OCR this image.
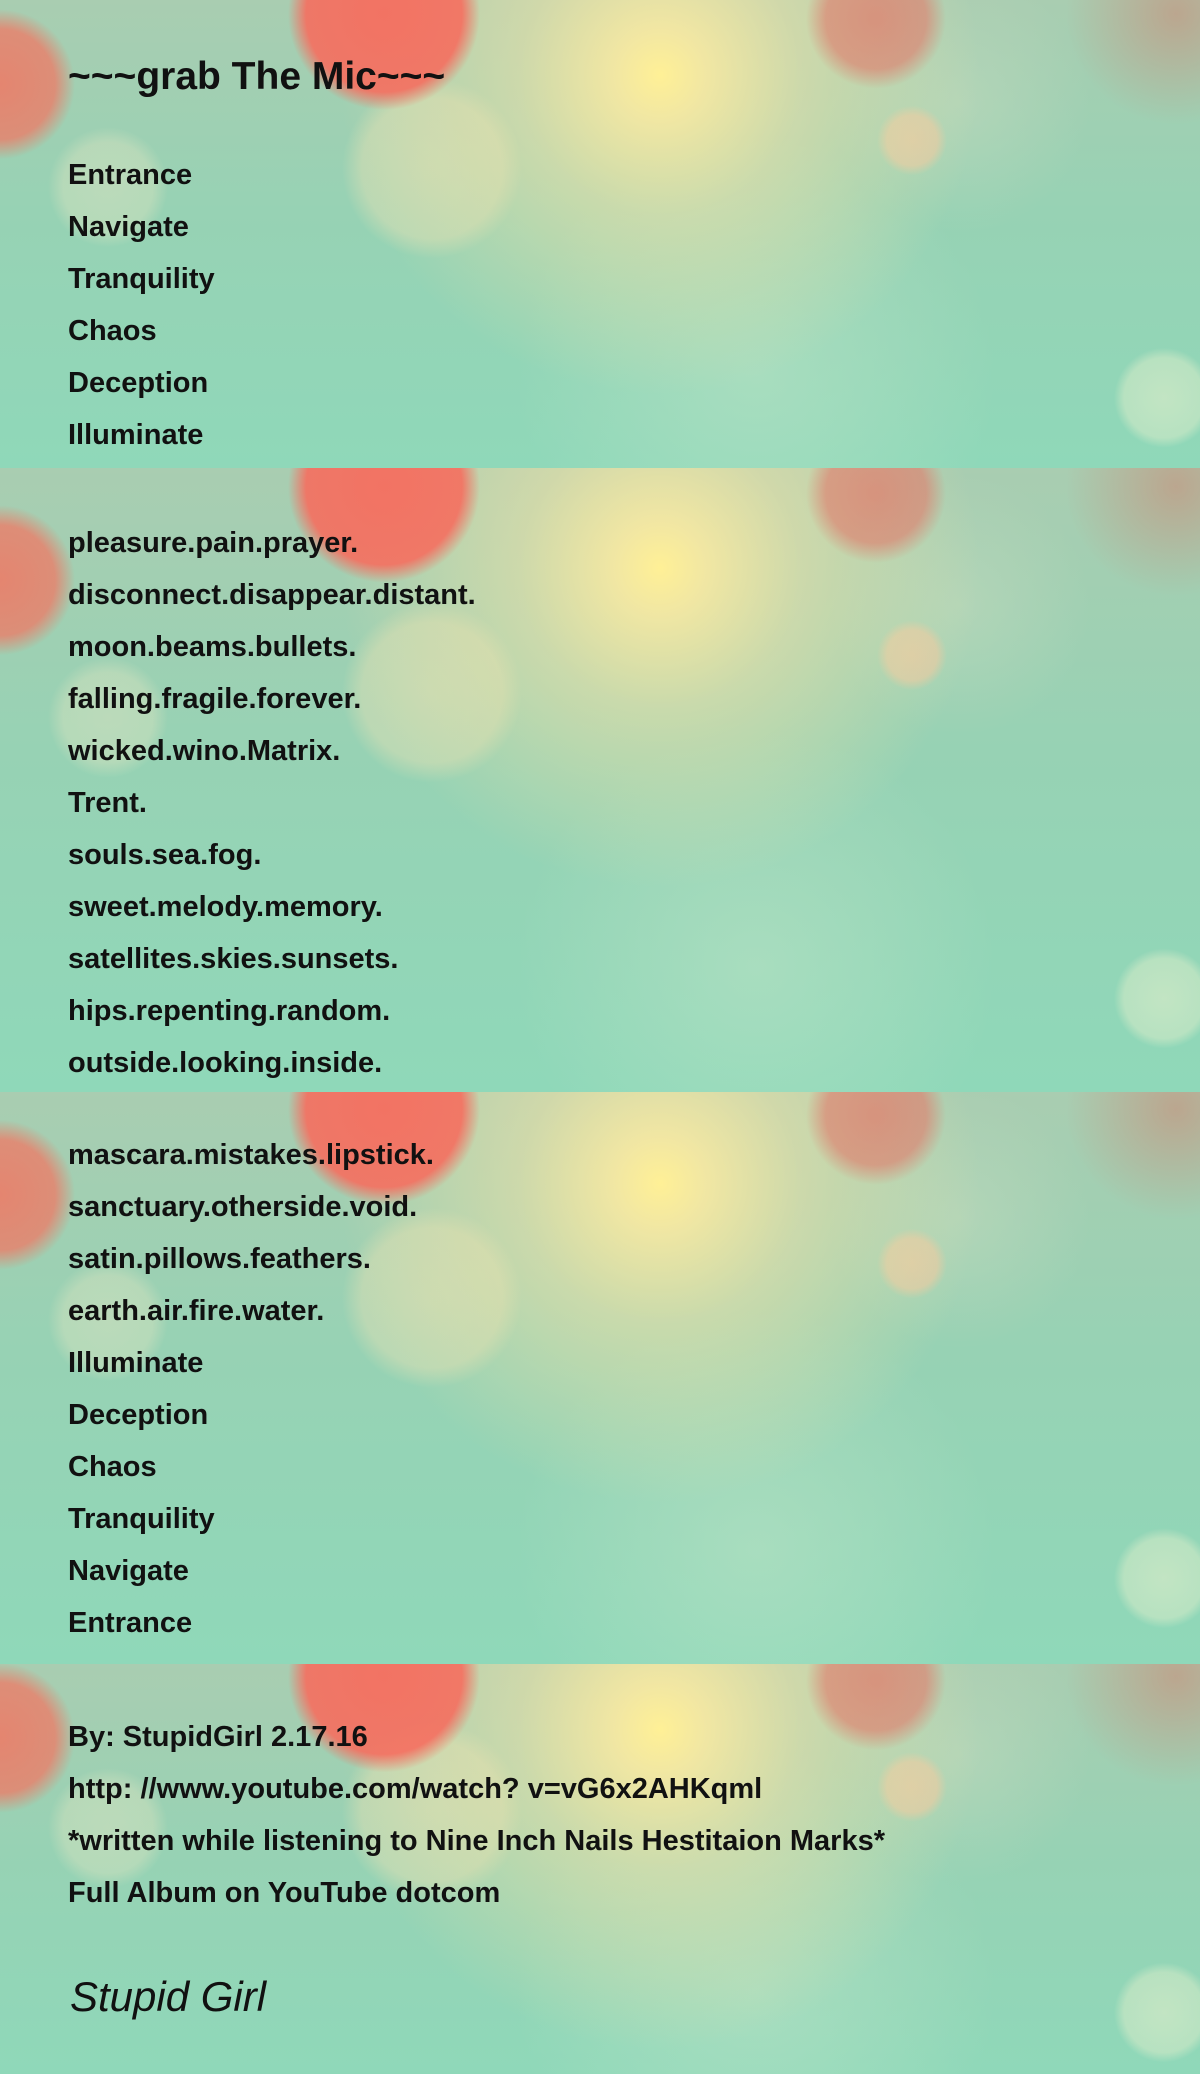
~~~grab The Mic~~~
Entrance
Navigate
Tranquility
Chaos
Deception
Illuminate
pleasure.pain.prayer.
disconnect.disappear.distant.
moon.beams.bullets.
falling.fragile.forever.
wicked.wino.Matrix.
Trent.
souls.sea.fog.
sweet.melody.memory.
satellites.skies.sunsets.
hips.repenting.random.
outside.looking.inside.
mascara.mistakes.lipstick.
sanctuary.otherside.void.
satin.pillows.feathers.
earth.air.fire.water.
Illuminate
Deception
Chaos
Tranquility
Navigate
Entrance
By: StupidGirl 2.17.16
http: //www.youtube.com/watch? v=vG6x2AHKqml
*written while listening to Nine Inch Nails Hestitaion Marks*
Full Album on YouTube dotcom
Stupid Girl
